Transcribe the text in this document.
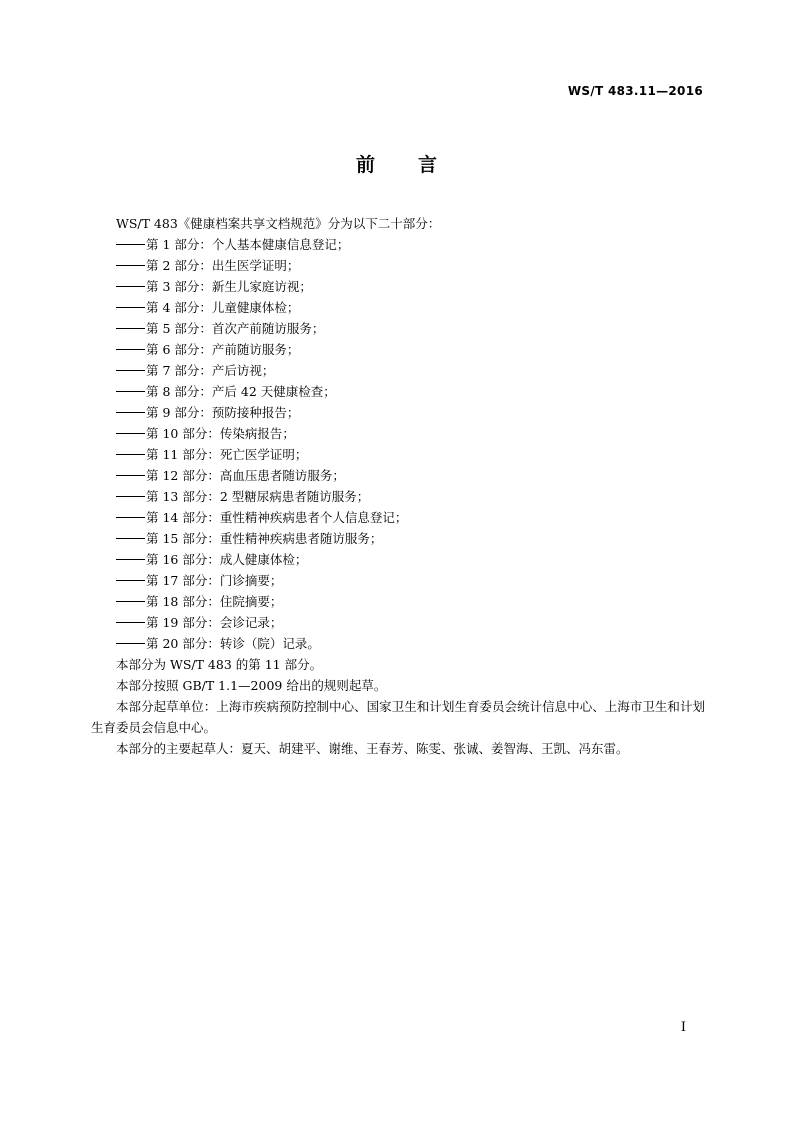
WS/T 483.11—2016
前 言

WS/T 483《健康档案共享文档规范》分为以下二十部分：

第 1 部分：个人基本健康信息登记；

第 2 部分：出生医学证明；

第 3 部分：新生儿家庭访视；

第 4 部分：儿童健康体检；

第 5 部分：首次产前随访服务；

第 6 部分：产前随访服务；

第 7 部分：产后访视；

第 8 部分：产后 42 天健康检查；

第 9 部分：预防接种报告；

第 10 部分：传染病报告；

第 11 部分：死亡医学证明；

第 12 部分：高血压患者随访服务；

第 13 部分：2 型糖尿病患者随访服务；

第 14 部分：重性精神疾病患者个人信息登记；

第 15 部分：重性精神疾病患者随访服务；

第 16 部分：成人健康体检；

第 17 部分：门诊摘要；

第 18 部分：住院摘要；

第 19 部分：会诊记录；

第 20 部分：转诊（院）记录。

本部分为 WS/T 483 的第 11 部分。

本部分按照 GB/T 1.1—2009 给出的规则起草。

本部分起草单位：上海市疾病预防控制中心、国家卫生和计划生育委员会统计信息中心、上海市卫生和计划生育委员会信息中心。

本部分的主要起草人：夏天、胡建平、谢维、王春芳、陈雯、张诚、姜智海、王凯、冯东雷。

I
